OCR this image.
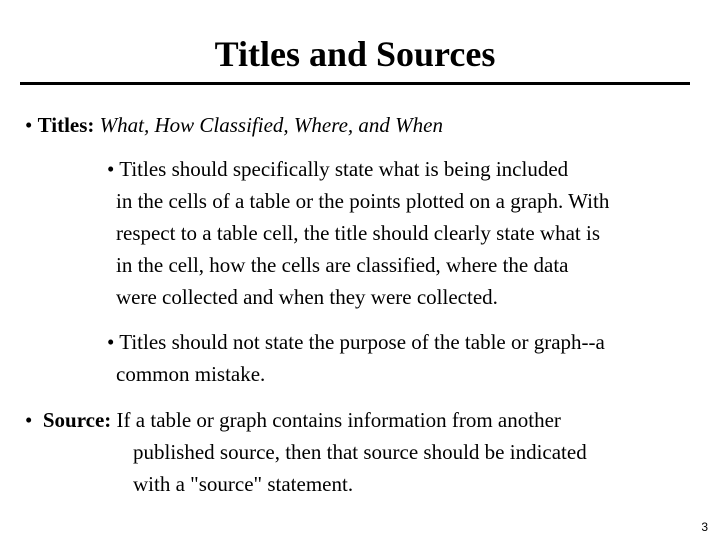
Titles and Sources
• Titles: What, How Classified, Where, and When
• Titles should specifically state what is being included
in the cells of a table or the points plotted on a graph. With
respect to a table cell, the title should clearly state what is
in the cell, how the cells are classified, where the data
were collected and when they were collected.
• Titles should not state the purpose of the table or graph--a
common mistake.
• Source: If a table or graph contains information from another
published source, then that source should be indicated
with a "source" statement.
3
